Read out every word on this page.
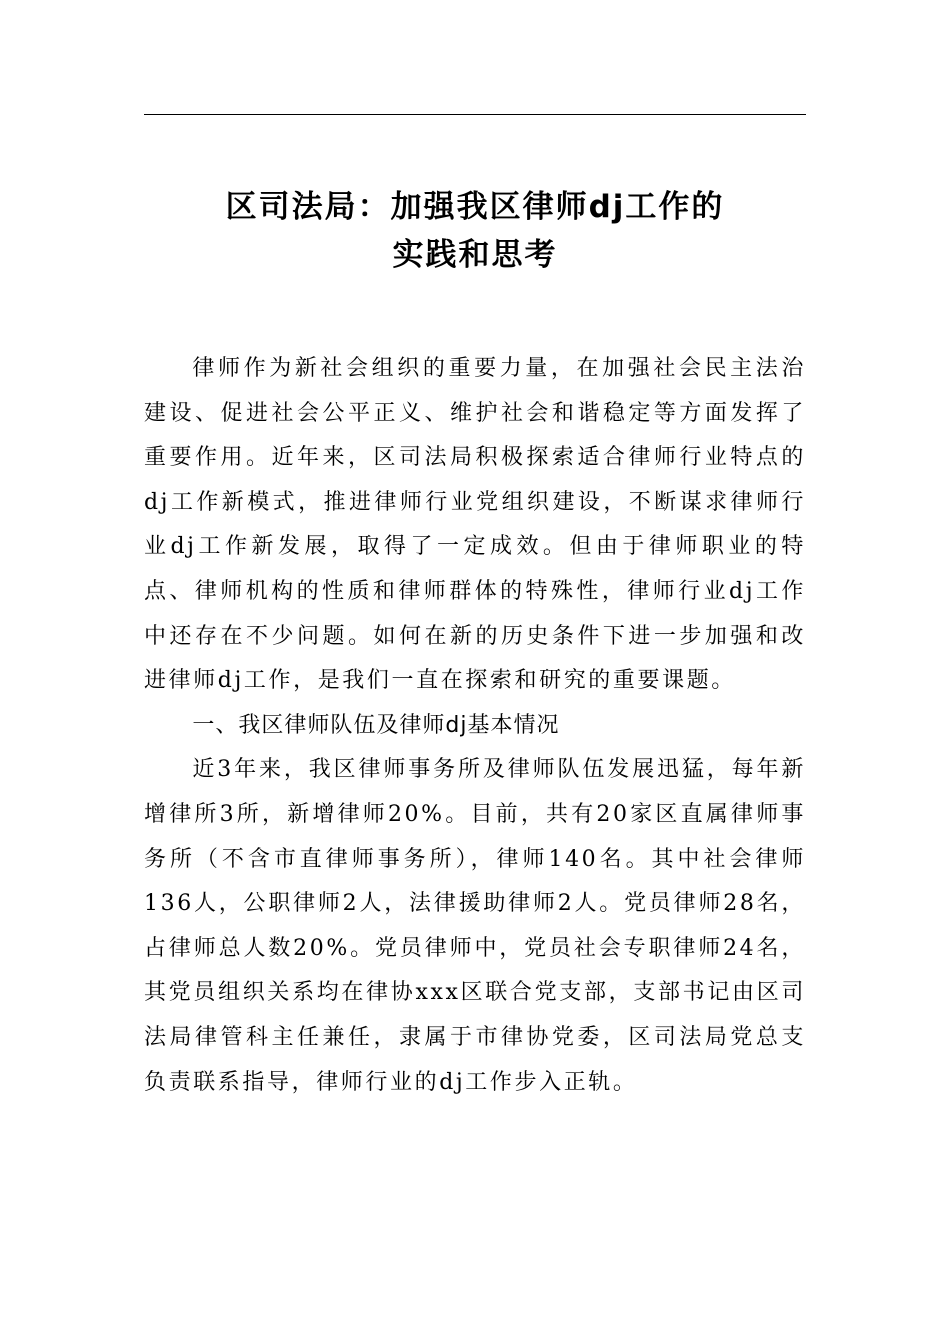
区司法局：加强我区律师dj工作的
实践和思考

律师作为新社会组织的重要力量，在加强社会民主法治建设、促进社会公平正义、维护社会和谐稳定等方面发挥了重要作用。近年来，区司法局积极探索适合律师行业特点的dj工作新模式，推进律师行业党组织建设，不断谋求律师行业dj工作新发展，取得了一定成效。但由于律师职业的特点、律师机构的性质和律师群体的特殊性，律师行业dj工作中还存在不少问题。如何在新的历史条件下进一步加强和改进律师dj工作，是我们一直在探索和研究的重要课题。

一、我区律师队伍及律师dj基本情况

近3年来，我区律师事务所及律师队伍发展迅猛，每年新增律所3所，新增律师20%。目前，共有20家区直属律师事务所（不含市直律师事务所），律师140名。其中社会律师136人，公职律师2人，法律援助律师2人。党员律师28名，占律师总人数20%。党员律师中，党员社会专职律师24名，其党员组织关系均在律协xxx区联合党支部，支部书记由区司法局律管科主任兼任，隶属于市律协党委，区司法局党总支负责联系指导，律师行业的dj工作步入正轨。
